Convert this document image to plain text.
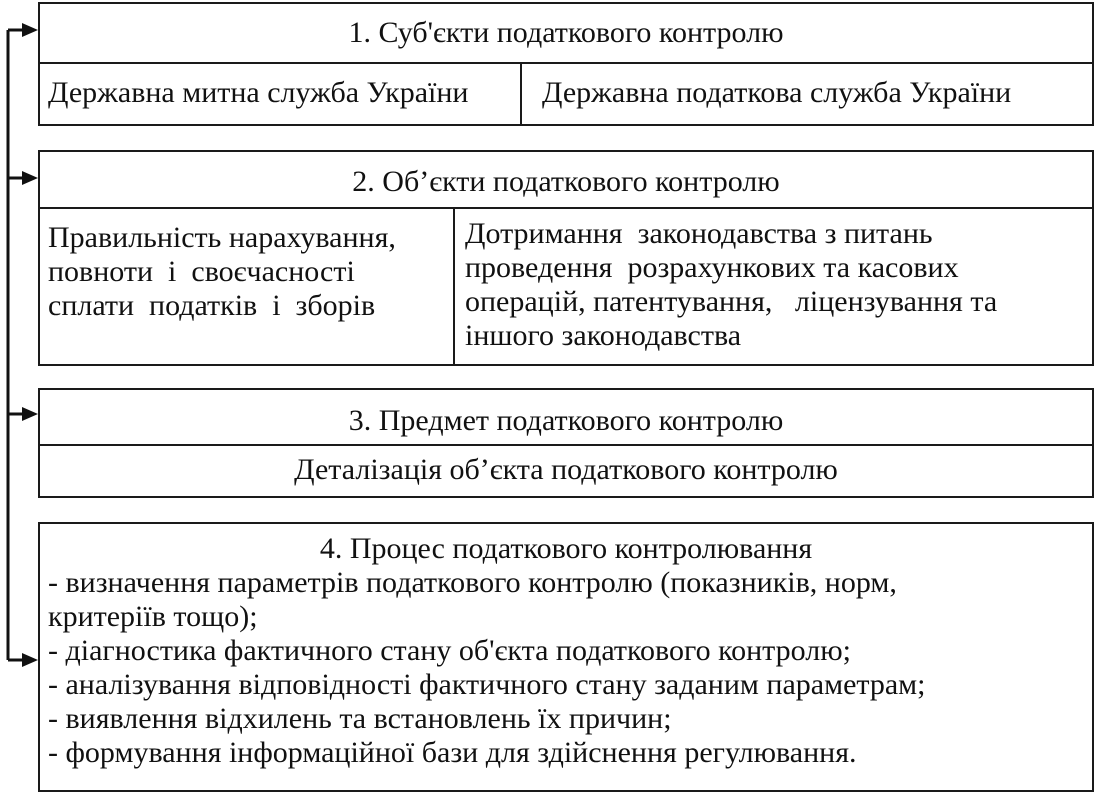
1. Суб'єкти податкового контролю
Державна митна служба України	Державна податкова служба України
2. Об’єкти податкового контролю
Правильність нарахування,
повноти  і  своєчасності
сплати  податків  і  зборів
Дотримання  законодавства з питань
проведення  розрахункових та касових
операцій, патентування,   ліцензування та
іншого законодавства
3. Предмет податкового контролю
Деталізація об’єкта податкового контролю
4. Процес податкового контролювання
- визначення параметрів податкового контролю (показників, норм,
критеріїв тощо);
- діагностика фактичного стану об'єкта податкового контролю;
- аналізування відповідності фактичного стану заданим параметрам;
- виявлення відхилень та встановлень їх причин;
- формування інформаційної бази для здійснення регулювання.
